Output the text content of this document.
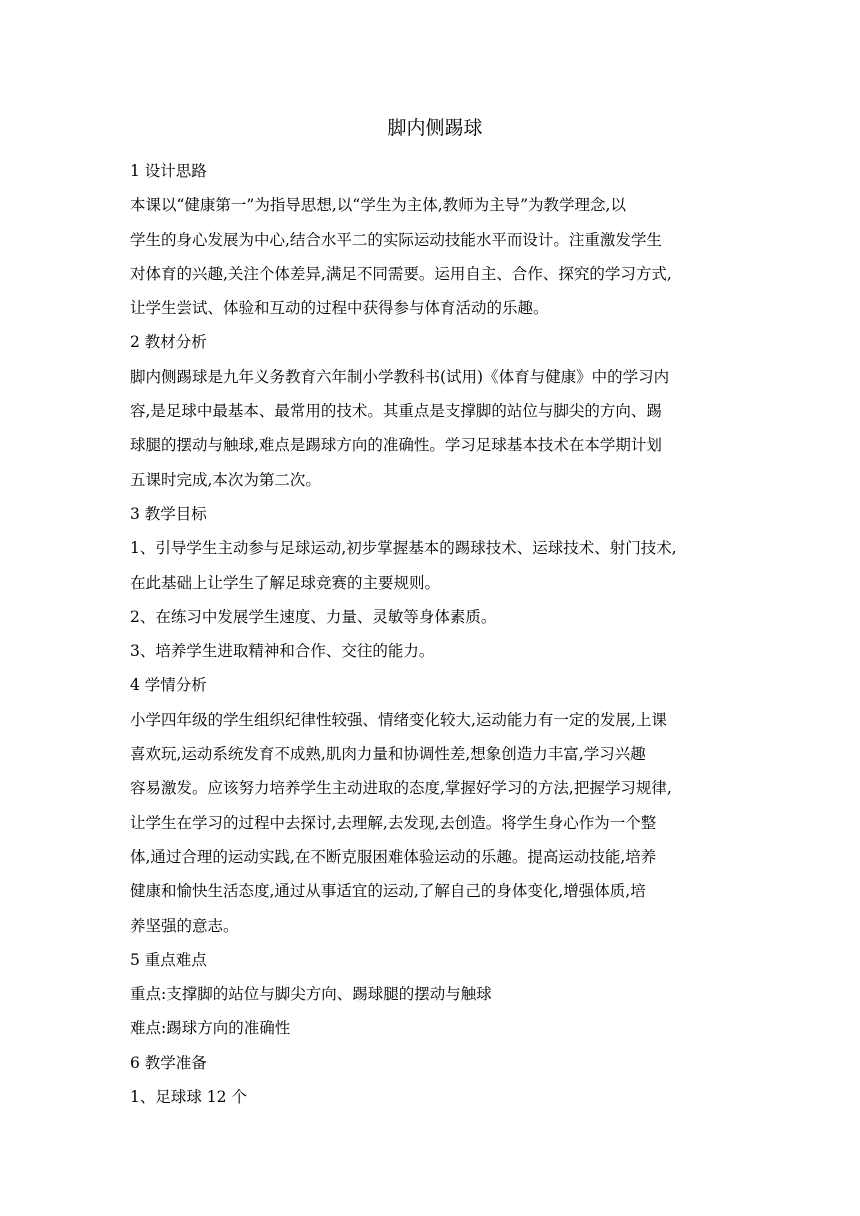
脚内侧踢球

1 设计思路

本课以“健康第一”为指导思想,以“学生为主体,教师为主导”为教学理念,以

学生的身心发展为中心,结合水平二的实际运动技能水平而设计。注重激发学生

对体育的兴趣,关注个体差异,满足不同需要。运用自主、合作、探究的学习方式,

让学生尝试、体验和互动的过程中获得参与体育活动的乐趣。

2 教材分析

脚内侧踢球是九年义务教育六年制小学教科书(试用)《体育与健康》中的学习内

容,是足球中最基本、最常用的技术。其重点是支撑脚的站位与脚尖的方向、踢

球腿的摆动与触球,难点是踢球方向的准确性。学习足球基本技术在本学期计划

五课时完成,本次为第二次。

3 教学目标

1、引导学生主动参与足球运动,初步掌握基本的踢球技术、运球技术、射门技术,

在此基础上让学生了解足球竞赛的主要规则。

2、在练习中发展学生速度、力量、灵敏等身体素质。

3、培养学生进取精神和合作、交往的能力。

4 学情分析

小学四年级的学生组织纪律性较强、情绪变化较大,运动能力有一定的发展,上课

喜欢玩,运动系统发育不成熟,肌肉力量和协调性差,想象创造力丰富,学习兴趣

容易激发。应该努力培养学生主动进取的态度,掌握好学习的方法,把握学习规律,

让学生在学习的过程中去探讨,去理解,去发现,去创造。将学生身心作为一个整

体,通过合理的运动实践,在不断克服困难体验运动的乐趣。提高运动技能,培养

健康和愉快生活态度,通过从事适宜的运动,了解自己的身体变化,增强体质,培

养坚强的意志。

5 重点难点

重点:支撑脚的站位与脚尖方向、踢球腿的摆动与触球

难点:踢球方向的准确性

6 教学准备

1、足球球 12 个
